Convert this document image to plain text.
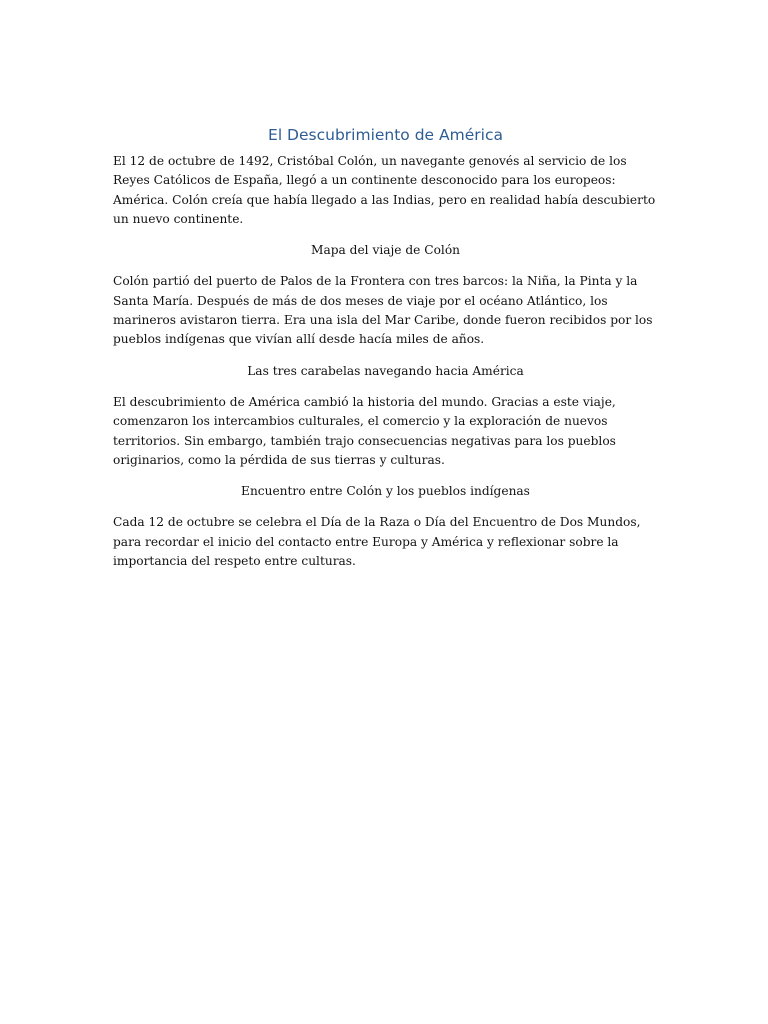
El Descubrimiento de América

El 12 de octubre de 1492, Cristóbal Colón, un navegante genovés al servicio de los Reyes Católicos de España, llegó a un continente desconocido para los europeos: América. Colón creía que había llegado a las Indias, pero en realidad había descubierto un nuevo continente.

Mapa del viaje de Colón

Colón partió del puerto de Palos de la Frontera con tres barcos: la Niña, la Pinta y la Santa María. Después de más de dos meses de viaje por el océano Atlántico, los marineros avistaron tierra. Era una isla del Mar Caribe, donde fueron recibidos por los pueblos indígenas que vivían allí desde hacía miles de años.

Las tres carabelas navegando hacia América

El descubrimiento de América cambió la historia del mundo. Gracias a este viaje, comenzaron los intercambios culturales, el comercio y la exploración de nuevos territorios. Sin embargo, también trajo consecuencias negativas para los pueblos originarios, como la pérdida de sus tierras y culturas.

Encuentro entre Colón y los pueblos indígenas

Cada 12 de octubre se celebra el Día de la Raza o Día del Encuentro de Dos Mundos, para recordar el inicio del contacto entre Europa y América y reflexionar sobre la importancia del respeto entre culturas.
